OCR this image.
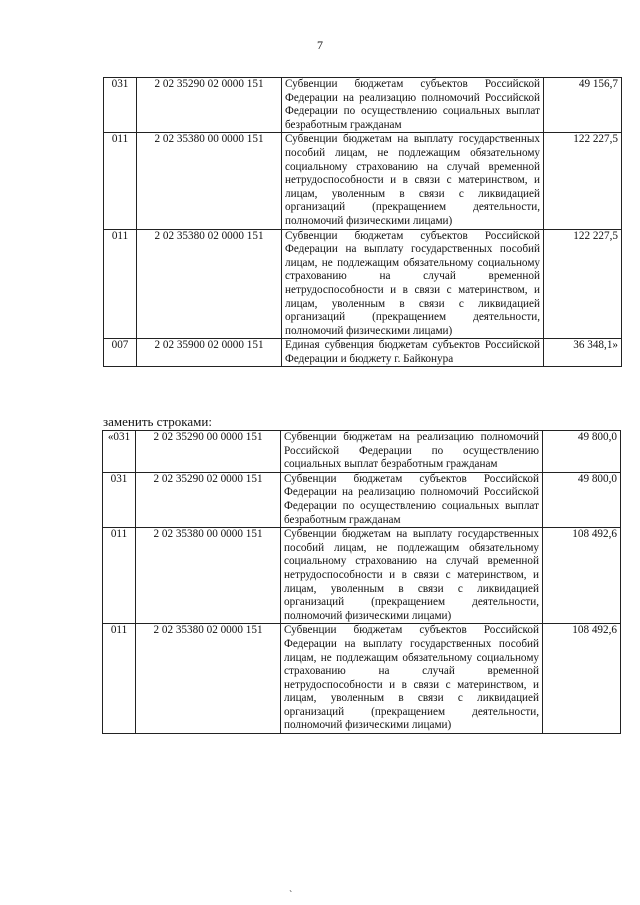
7
031	2 02 35290 02 0000 151	Субвенции бюджетам субъектов Российской Федерации на реализацию полномочий Российской Федерации по осуществлению социальных выплат безработным гражданам	49 156,7
011	2 02 35380 00 0000 151	Субвенции бюджетам на выплату государственных пособий лицам, не подлежащим обязательному социальному страхованию на случай временной нетрудоспособности и в связи с материнством, и лицам, уволенным в связи с ликвидацией организаций (прекращением деятельности, полномочий физическими лицами)	122 227,5
011	2 02 35380 02 0000 151	Субвенции бюджетам субъектов Российской Федерации на выплату государственных пособий лицам, не подлежащим обязательному социальному страхованию на случай временной нетрудоспособности и в связи с материнством, и лицам, уволенным в связи с ликвидацией организаций (прекращением деятельности, полномочий физическими лицами)	122 227,5
007	2 02 35900 02 0000 151	Единая субвенция бюджетам субъектов Российской Федерации и бюджету г. Байконура	36 348,1»
заменить строками:
«031	2 02 35290 00 0000 151	Субвенции бюджетам на реализацию полномочий Российской Федерации по осуществлению социальных выплат безработным гражданам	49 800,0
031	2 02 35290 02 0000 151	Субвенции бюджетам субъектов Российской Федерации на реализацию полномочий Российской Федерации по осуществлению социальных выплат безработным гражданам	49 800,0
011	2 02 35380 00 0000 151	Субвенции бюджетам на выплату государственных пособий лицам, не подлежащим обязательному социальному страхованию на случай временной нетрудоспособности и в связи с материнством, и лицам, уволенным в связи с ликвидацией организаций (прекращением деятельности, полномочий физическими лицами)	108 492,6
011	2 02 35380 02 0000 151	Субвенции бюджетам субъектов Российской Федерации на выплату государственных пособий лицам, не подлежащим обязательному социальному страхованию на случай временной нетрудоспособности и в связи с материнством, и лицам, уволенным в связи с ликвидацией организаций (прекращением деятельности, полномочий физическими лицами)	108 492,6
`
